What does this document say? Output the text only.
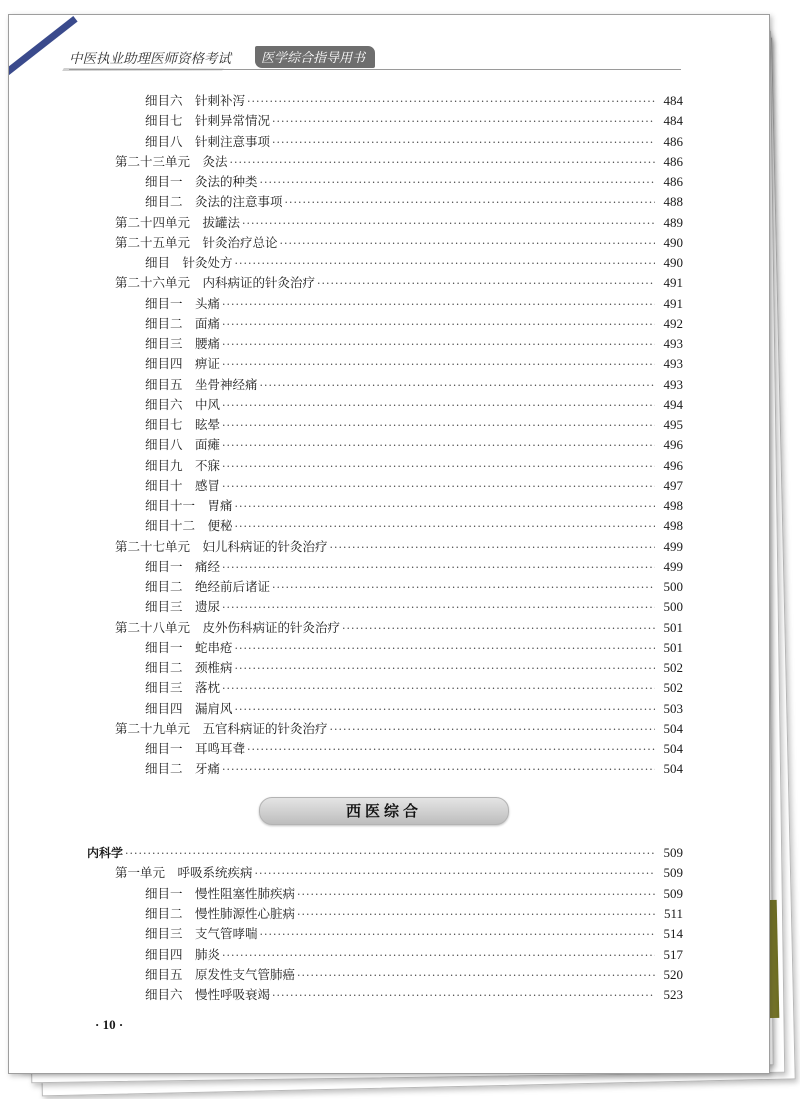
中医执业助理医师资格考试	医学综合指导用书
细目六　针刺补泻 ·····	484
细目七　针刺异常情况 ·····	484
细目八　针刺注意事项 ·····	486
第二十三单元　灸法 ·····	486
细目一　灸法的种类 ·····	486
细目二　灸法的注意事项 ·····	488
第二十四单元　拔罐法 ·····	489
第二十五单元　针灸治疗总论 ·····	490
细目　针灸处方 ·····	490
第二十六单元　内科病证的针灸治疗 ·····	491
细目一　头痛 ·····	491
细目二　面痛 ·····	492
细目三　腰痛 ·····	493
细目四　痹证 ·····	493
细目五　坐骨神经痛 ·····	493
细目六　中风 ·····	494
细目七　眩晕 ·····	495
细目八　面瘫 ·····	496
细目九　不寐 ·····	496
细目十　感冒 ·····	497
细目十一　胃痛 ·····	498
细目十二　便秘 ·····	498
第二十七单元　妇儿科病证的针灸治疗 ·····	499
细目一　痛经 ·····	499
细目二　绝经前后诸证 ·····	500
细目三　遗尿 ·····	500
第二十八单元　皮外伤科病证的针灸治疗 ·····	501
细目一　蛇串疮 ·····	501
细目二　颈椎病 ·····	502
细目三　落枕 ·····	502
细目四　漏肩风 ·····	503
第二十九单元　五官科病证的针灸治疗 ·····	504
细目一　耳鸣耳聋 ·····	504
细目二　牙痛 ·····	504
西医综合
内科学 ·····	509
第一单元　呼吸系统疾病 ·····	509
细目一　慢性阻塞性肺疾病 ·····	509
细目二　慢性肺源性心脏病 ·····	511
细目三　支气管哮喘 ·····	514
细目四　肺炎 ·····	517
细目五　原发性支气管肺癌 ·····	520
细目六　慢性呼吸衰竭 ·····	523
· 10 ·
